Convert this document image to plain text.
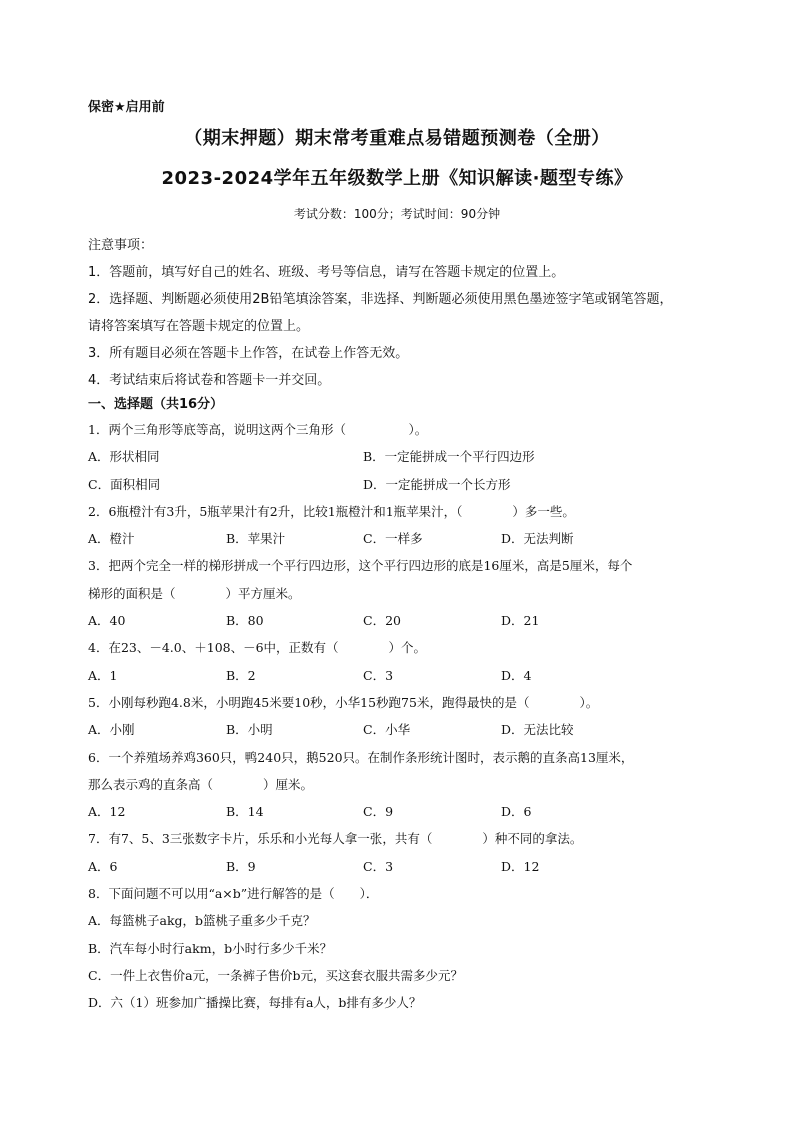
保密★启用前
（期末押题）期末常考重难点易错题预测卷（全册）
2023-2024学年五年级数学上册《知识解读·题型专练》
考试分数：100分；考试时间：90分钟
注意事项：
1．答题前，填写好自己的姓名、班级、考号等信息，请写在答题卡规定的位置上。
2．选择题、判断题必须使用2B铅笔填涂答案，非选择、判断题必须使用黑色墨迹签字笔或钢笔答题，
请将答案填写在答题卡规定的位置上。
3．所有题目必须在答题卡上作答，在试卷上作答无效。
4．考试结束后将试卷和答题卡一并交回。
一、选择题（共16分）
1．两个三角形等底等高，说明这两个三角形（　　　　　）。
A．形状相同	B．一定能拼成一个平行四边形
C．面积相同	D．一定能拼成一个长方形
2．6瓶橙汁有3升，5瓶苹果汁有2升，比较1瓶橙汁和1瓶苹果汁，（　　　　）多一些。
A．橙汁	B．苹果汁	C．一样多	D．无法判断
3．把两个完全一样的梯形拼成一个平行四边形，这个平行四边形的底是16厘米，高是5厘米，每个
梯形的面积是（　　　　）平方厘米。
A．40	B．80	C．20	D．21
4．在23、－4.0、＋108、－6中，正数有（　　　　）个。
A．1	B．2	C．3	D．4
5．小刚每秒跑4.8米，小明跑45米要10秒，小华15秒跑75米，跑得最快的是（　　　　）。
A．小刚	B．小明	C．小华	D．无法比较
6．一个养殖场养鸡360只，鸭240只，鹅520只。在制作条形统计图时，表示鹅的直条高13厘米，
那么表示鸡的直条高（　　　　）厘米。
A．12	B．14	C．9	D．6
7．有7、5、3三张数字卡片，乐乐和小光每人拿一张，共有（　　　　）种不同的拿法。
A．6	B．9	C．3	D．12
8．下面问题不可以用“a×b”进行解答的是（　　）．
A．每篮桃子akg，b篮桃子重多少千克？
B．汽车每小时行akm，b小时行多少千米？
C．一件上衣售价a元，一条裤子售价b元，买这套衣服共需多少元？
D．六（1）班参加广播操比赛，每排有a人，b排有多少人？
